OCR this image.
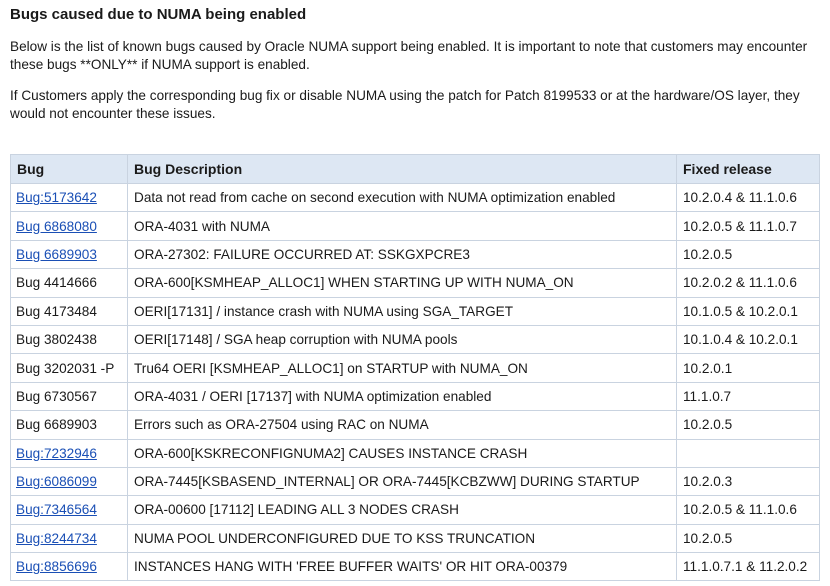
Bugs caused due to NUMA being enabled

Below is the list of known bugs caused by Oracle NUMA support being enabled. It is important to note that customers may encounter these bugs **ONLY** if NUMA support is enabled.

If Customers apply the corresponding bug fix or disable NUMA using the patch for Patch 8199533 or at the hardware/OS layer, they would not encounter these issues.

Bug	Bug Description	Fixed release
Bug:5173642	Data not read from cache on second execution with NUMA optimization enabled	10.2.0.4 & 11.1.0.6
Bug 6868080	ORA-4031 with NUMA	10.2.0.5 & 11.1.0.7
Bug 6689903	ORA-27302: FAILURE OCCURRED AT: SSKGXPCRE3	10.2.0.5
Bug 4414666	ORA-600[KSMHEAP_ALLOC1] WHEN STARTING UP WITH NUMA_ON	10.2.0.2 & 11.1.0.6
Bug 4173484	OERI[17131] / instance crash with NUMA using SGA_TARGET	10.1.0.5 & 10.2.0.1
Bug 3802438	OERI[17148] / SGA heap corruption with NUMA pools	10.1.0.4 & 10.2.0.1
Bug 3202031 -P	Tru64 OERI [KSMHEAP_ALLOC1] on STARTUP with NUMA_ON	10.2.0.1
Bug 6730567	ORA-4031 / OERI [17137] with NUMA optimization enabled	11.1.0.7
Bug 6689903	Errors such as ORA-27504 using RAC on NUMA	10.2.0.5
Bug:7232946	ORA-600[KSKRECONFIGNUMA2] CAUSES INSTANCE CRASH	
Bug:6086099	ORA-7445[KSBASEND_INTERNAL] OR ORA-7445[KCBZWW] DURING STARTUP	10.2.0.3
Bug:7346564	ORA-00600 [17112] LEADING ALL 3 NODES CRASH	10.2.0.5 & 11.1.0.6
Bug:8244734	NUMA POOL UNDERCONFIGURED DUE TO KSS TRUNCATION	10.2.0.5
Bug:8856696	INSTANCES HANG WITH 'FREE BUFFER WAITS' OR HIT ORA-00379	11.1.0.7.1 & 11.2.0.2
